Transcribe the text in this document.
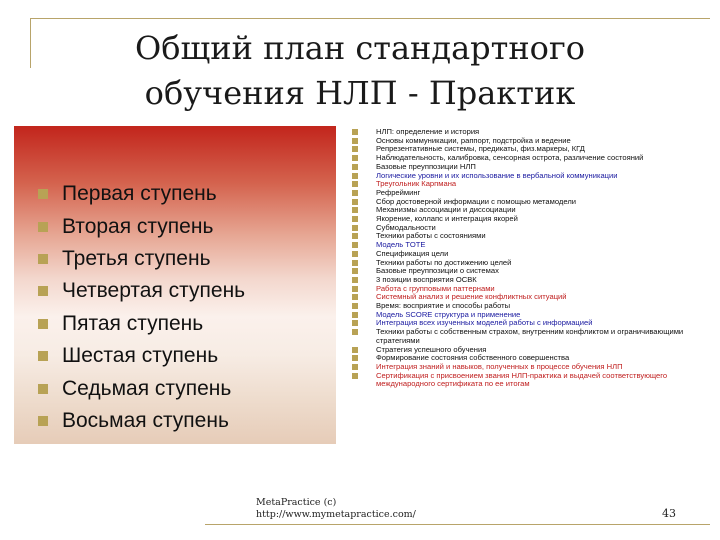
Общий план стандартного
обучения НЛП - Практик
Первая ступень
Вторая ступень
Третья ступень
Четвертая ступень
Пятая ступень
Шестая ступень
Седьмая ступень
Восьмая ступень
НЛП: определение и история
Основы коммуникации, раппорт, подстройка и ведение
Репрезентативные системы, предикаты, физ.маркеры, КГД
Наблюдательность, калибровка, сенсорная острота, различение состояний
Базовые преуппозиции НЛП
Логические уровни и их использование в вербальной коммуникации
Треугольник Карпмана
Рефрейминг
Сбор достоверной информации с помощью метамодели
Механизмы ассоциации и диссоциации
Якорение, коллапс и интеграция якорей
Субмодальности
Техники работы с состояниями
Модель TOTE
Спецификация цели
Техники работы по достижению целей
Базовые преуппозиции о системах
3 позиции восприятия ОСВК
Работа с групповыми паттернами
Системный анализ и решение конфликтных ситуаций
Время: восприятие и способы работы
Модель SCORE структура и применение
Интеграция всех изученных моделей работы с информацией
Техники работы с собственным страхом, внутренним конфликтом и ограничивающими стратегиями
Стратегия успешного обучения
Формирование состояния собственного совершенства
Интеграция знаний и навыков, полученных в процессе обучения НЛП
Сертификация с присвоением звания НЛП-практика и выдачей соответствующего международного сертификата по ее итогам
MetaPractice (c)
http://www.mymetapractice.com/	43
